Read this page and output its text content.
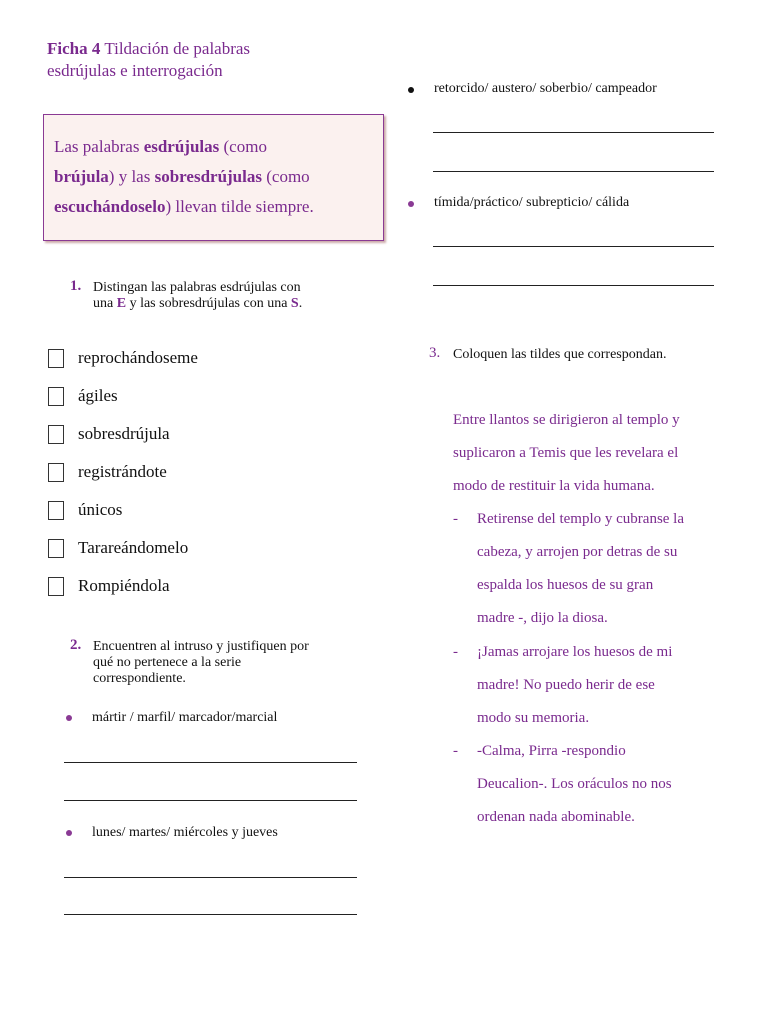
Ficha 4 Tildación de palabras
esdrújulas e interrogación
Las palabras esdrújulas (como
brújula) y las sobresdrújulas (como
escuchándoselo) llevan tilde siempre.
1. Distingan las palabras esdrújulas con
una E y las sobresdrújulas con una S.
reprochándoseme
ágiles
sobresdrújula
registrándote
únicos
Tarareándomelo
Rompiéndola
2. Encuentren al intruso y justifiquen por
qué no pertenece a la serie
correspondiente.
mártir / marfil/ marcador/marcial
lunes/ martes/ miércoles y jueves
retorcido/ austero/ soberbio/ campeador
tímida/práctico/ subrepticio/ cálida
3. Coloquen las tildes que correspondan.
Entre llantos se dirigieron al templo y
suplicaron a Temis que les revelara el
modo de restituir la vida humana.
- Retirense del templo y cubranse la
cabeza, y arrojen por detras de su
espalda los huesos de su gran
madre -, dijo la diosa.
- ¡Jamas arrojare los huesos de mi
madre! No puedo herir de ese
modo su memoria.
- -Calma, Pirra -respondio
Deucalion-. Los oráculos no nos
ordenan nada abominable.
